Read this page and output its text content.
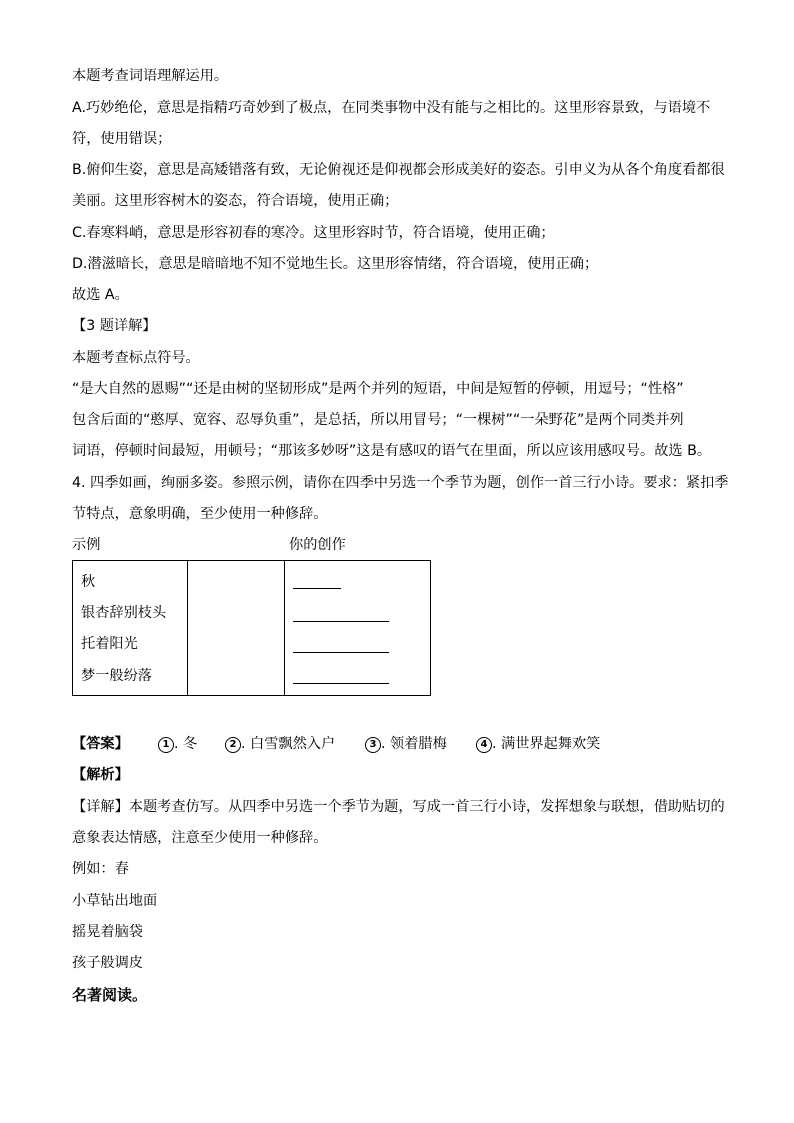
本题考查词语理解运用。
A.巧妙绝伦，意思是指精巧奇妙到了极点，在同类事物中没有能与之相比的。这里形容景致，与语境不
符，使用错误；
B.俯仰生姿，意思是高矮错落有致，无论俯视还是仰视都会形成美好的姿态。引申义为从各个角度看都很
美丽。这里形容树木的姿态，符合语境，使用正确；
C.春寒料峭，意思是形容初春的寒冷。这里形容时节，符合语境，使用正确；
D.潜滋暗长，意思是暗暗地不知不觉地生长。这里形容情绪，符合语境，使用正确；
故选 A。
【3 题详解】
本题考查标点符号。
“是大自然的恩赐”“还是由树的坚韧形成”是两个并列的短语，中间是短暂的停顿，用逗号；“性格”
包含后面的“憨厚、宽容、忍辱负重”，是总括，所以用冒号；“一棵树”“一朵野花”是两个同类并列
词语，停顿时间最短，用顿号；“那该多妙呀”这是有感叹的语气在里面，所以应该用感叹号。故选 B。
4. 四季如画，绚丽多姿。参照示例，请你在四季中另选一个季节为题，创作一首三行小诗。要求：紧扣季
节特点，意象明确，至少使用一种修辞。
示例	你的创作
秋
银杏辞别枝头
托着阳光
梦一般纷落

【答案】	1 . 冬	2 . 白雪飘然入户	3 . 领着腊梅	4 . 满世界起舞欢笑
【解析】
【详解】本题考查仿写。从四季中另选一个季节为题，写成一首三行小诗，发挥想象与联想，借助贴切的
意象表达情感，注意至少使用一种修辞。
例如：春
小草钻出地面
摇晃着脑袋
孩子般调皮
名著阅读。
